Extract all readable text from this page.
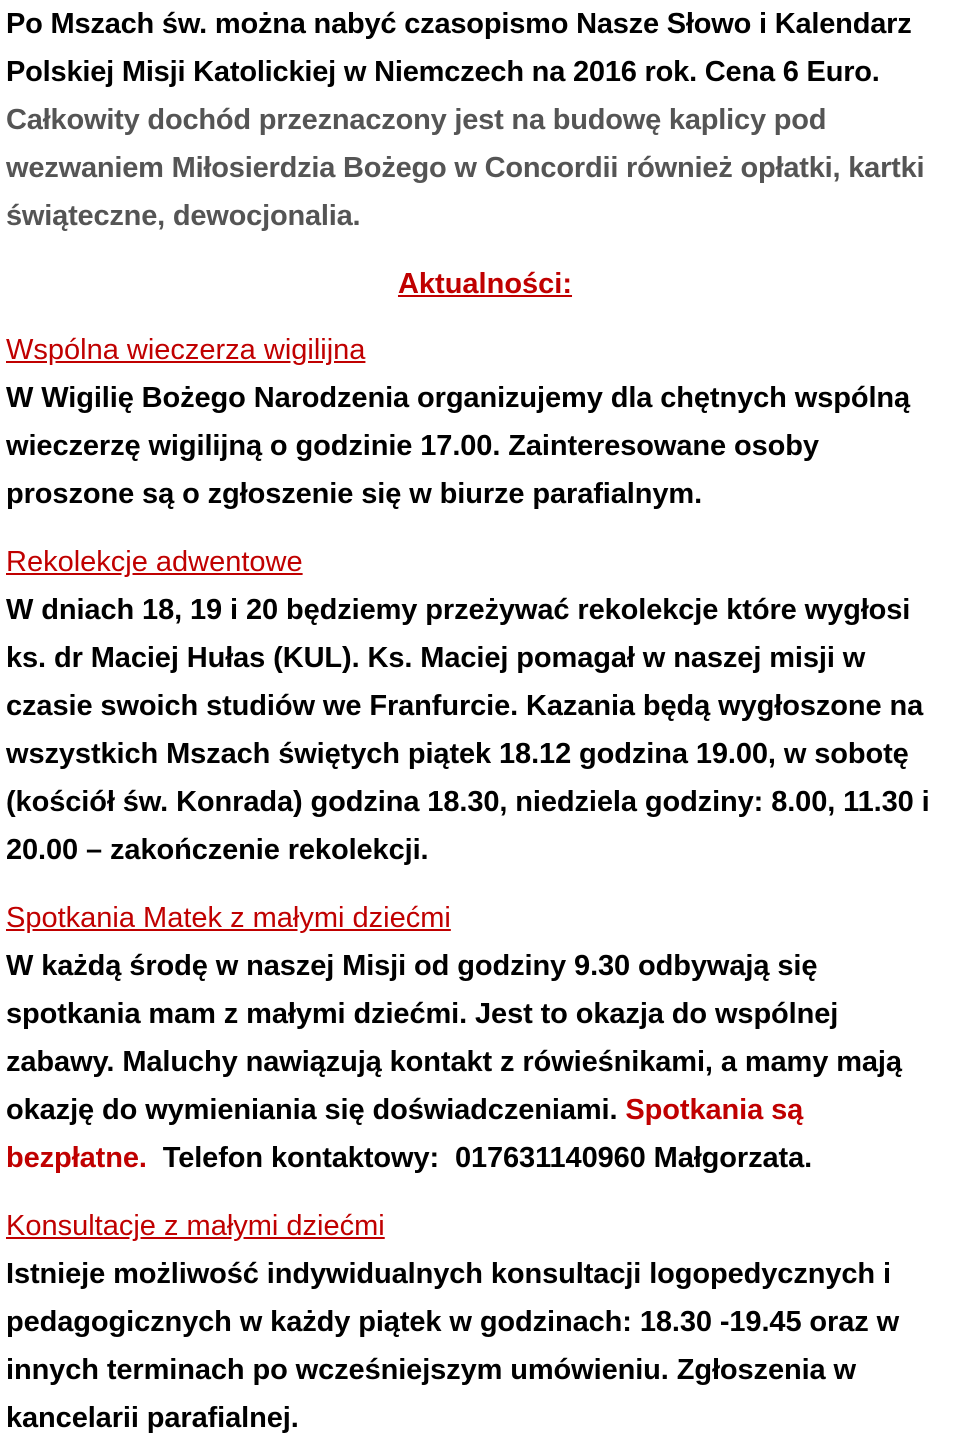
Po Mszach św. można nabyć czasopismo Nasze Słowo i Kalendarz
Polskiej Misji Katolickiej w Niemczech na 2016 rok. Cena 6 Euro.
Całkowity dochód przeznaczony jest na budowę kaplicy pod
wezwaniem Miłosierdzia Bożego w Concordii również opłatki, kartki
świąteczne, dewocjonalia.
Aktualności:
Wspólna wieczerza wigilijna
W Wigilię Bożego Narodzenia organizujemy dla chętnych wspólną
wieczerzę wigilijną o godzinie 17.00. Zainteresowane osoby
proszone są o zgłoszenie się w biurze parafialnym.
Rekolekcje adwentowe
W dniach 18, 19 i 20 będziemy przeżywać rekolekcje które wygłosi
ks. dr Maciej Hułas (KUL). Ks. Maciej pomagał w naszej misji w
czasie swoich studiów we Franfurcie. Kazania będą wygłoszone na
wszystkich Mszach świętych piątek 18.12 godzina 19.00, w sobotę
(kościół św. Konrada) godzina 18.30, niedziela godziny: 8.00, 11.30 i
20.00 – zakończenie rekolekcji.
Spotkania Matek z małymi dziećmi
W każdą środę w naszej Misji od godziny 9.30 odbywają się
spotkania mam z małymi dziećmi. Jest to okazja do wspólnej
zabawy. Maluchy nawiązują kontakt z rówieśnikami, a mamy mają
okazję do wymieniania się doświadczeniami. Spotkania są
bezpłatne.  Telefon kontaktowy:  017631140960 Małgorzata.
Konsultacje z małymi dziećmi
Istnieje możliwość indywidualnych konsultacji logopedycznych i
pedagogicznych w każdy piątek w godzinach: 18.30 -19.45 oraz w
innych terminach po wcześniejszym umówieniu. Zgłoszenia w
kancelarii parafialnej.
